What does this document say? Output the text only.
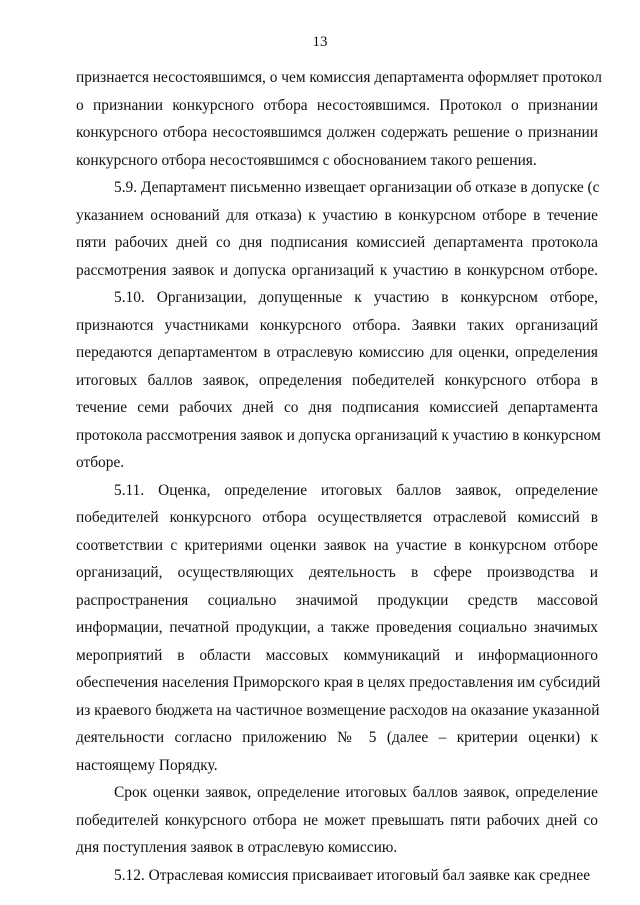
13
признается несостоявшимся, о чем комиссия департамента оформляет протокол
о признании конкурсного отбора несостоявшимся. Протокол о признании
конкурсного отбора несостоявшимся должен содержать решение о признании
конкурсного отбора несостоявшимся с обоснованием такого решения.
5.9. Департамент письменно извещает организации об отказе в допуске (с
указанием оснований для отказа) к участию в конкурсном отборе в течение
пяти рабочих дней со дня подписания комиссией департамента протокола
рассмотрения заявок и допуска организаций к участию в конкурсном отборе.
5.10. Организации, допущенные к участию в конкурсном отборе,
признаются участниками конкурсного отбора. Заявки таких организаций
передаются департаментом в отраслевую комиссию для оценки, определения
итоговых баллов заявок, определения победителей конкурсного отбора в
течение семи рабочих дней со дня подписания комиссией департамента
протокола рассмотрения заявок и допуска организаций к участию в конкурсном
отборе.
5.11. Оценка, определение итоговых баллов заявок, определение
победителей конкурсного отбора осуществляется отраслевой комиссий в
соответствии с критериями оценки заявок на участие в конкурсном отборе
организаций, осуществляющих деятельность в сфере производства и
распространения социально значимой продукции средств массовой
информации, печатной продукции, а также проведения социально значимых
мероприятий в области массовых коммуникаций и информационного
обеспечения населения Приморского края в целях предоставления им субсидий
из краевого бюджета на частичное возмещение расходов на оказание указанной
деятельности согласно приложению № 5 (далее – критерии оценки) к
настоящему Порядку.
Срок оценки заявок, определение итоговых баллов заявок, определение
победителей конкурсного отбора не может превышать пяти рабочих дней со
дня поступления заявок в отраслевую комиссию.
5.12. Отраслевая комиссия присваивает итоговый бал заявке как среднее
